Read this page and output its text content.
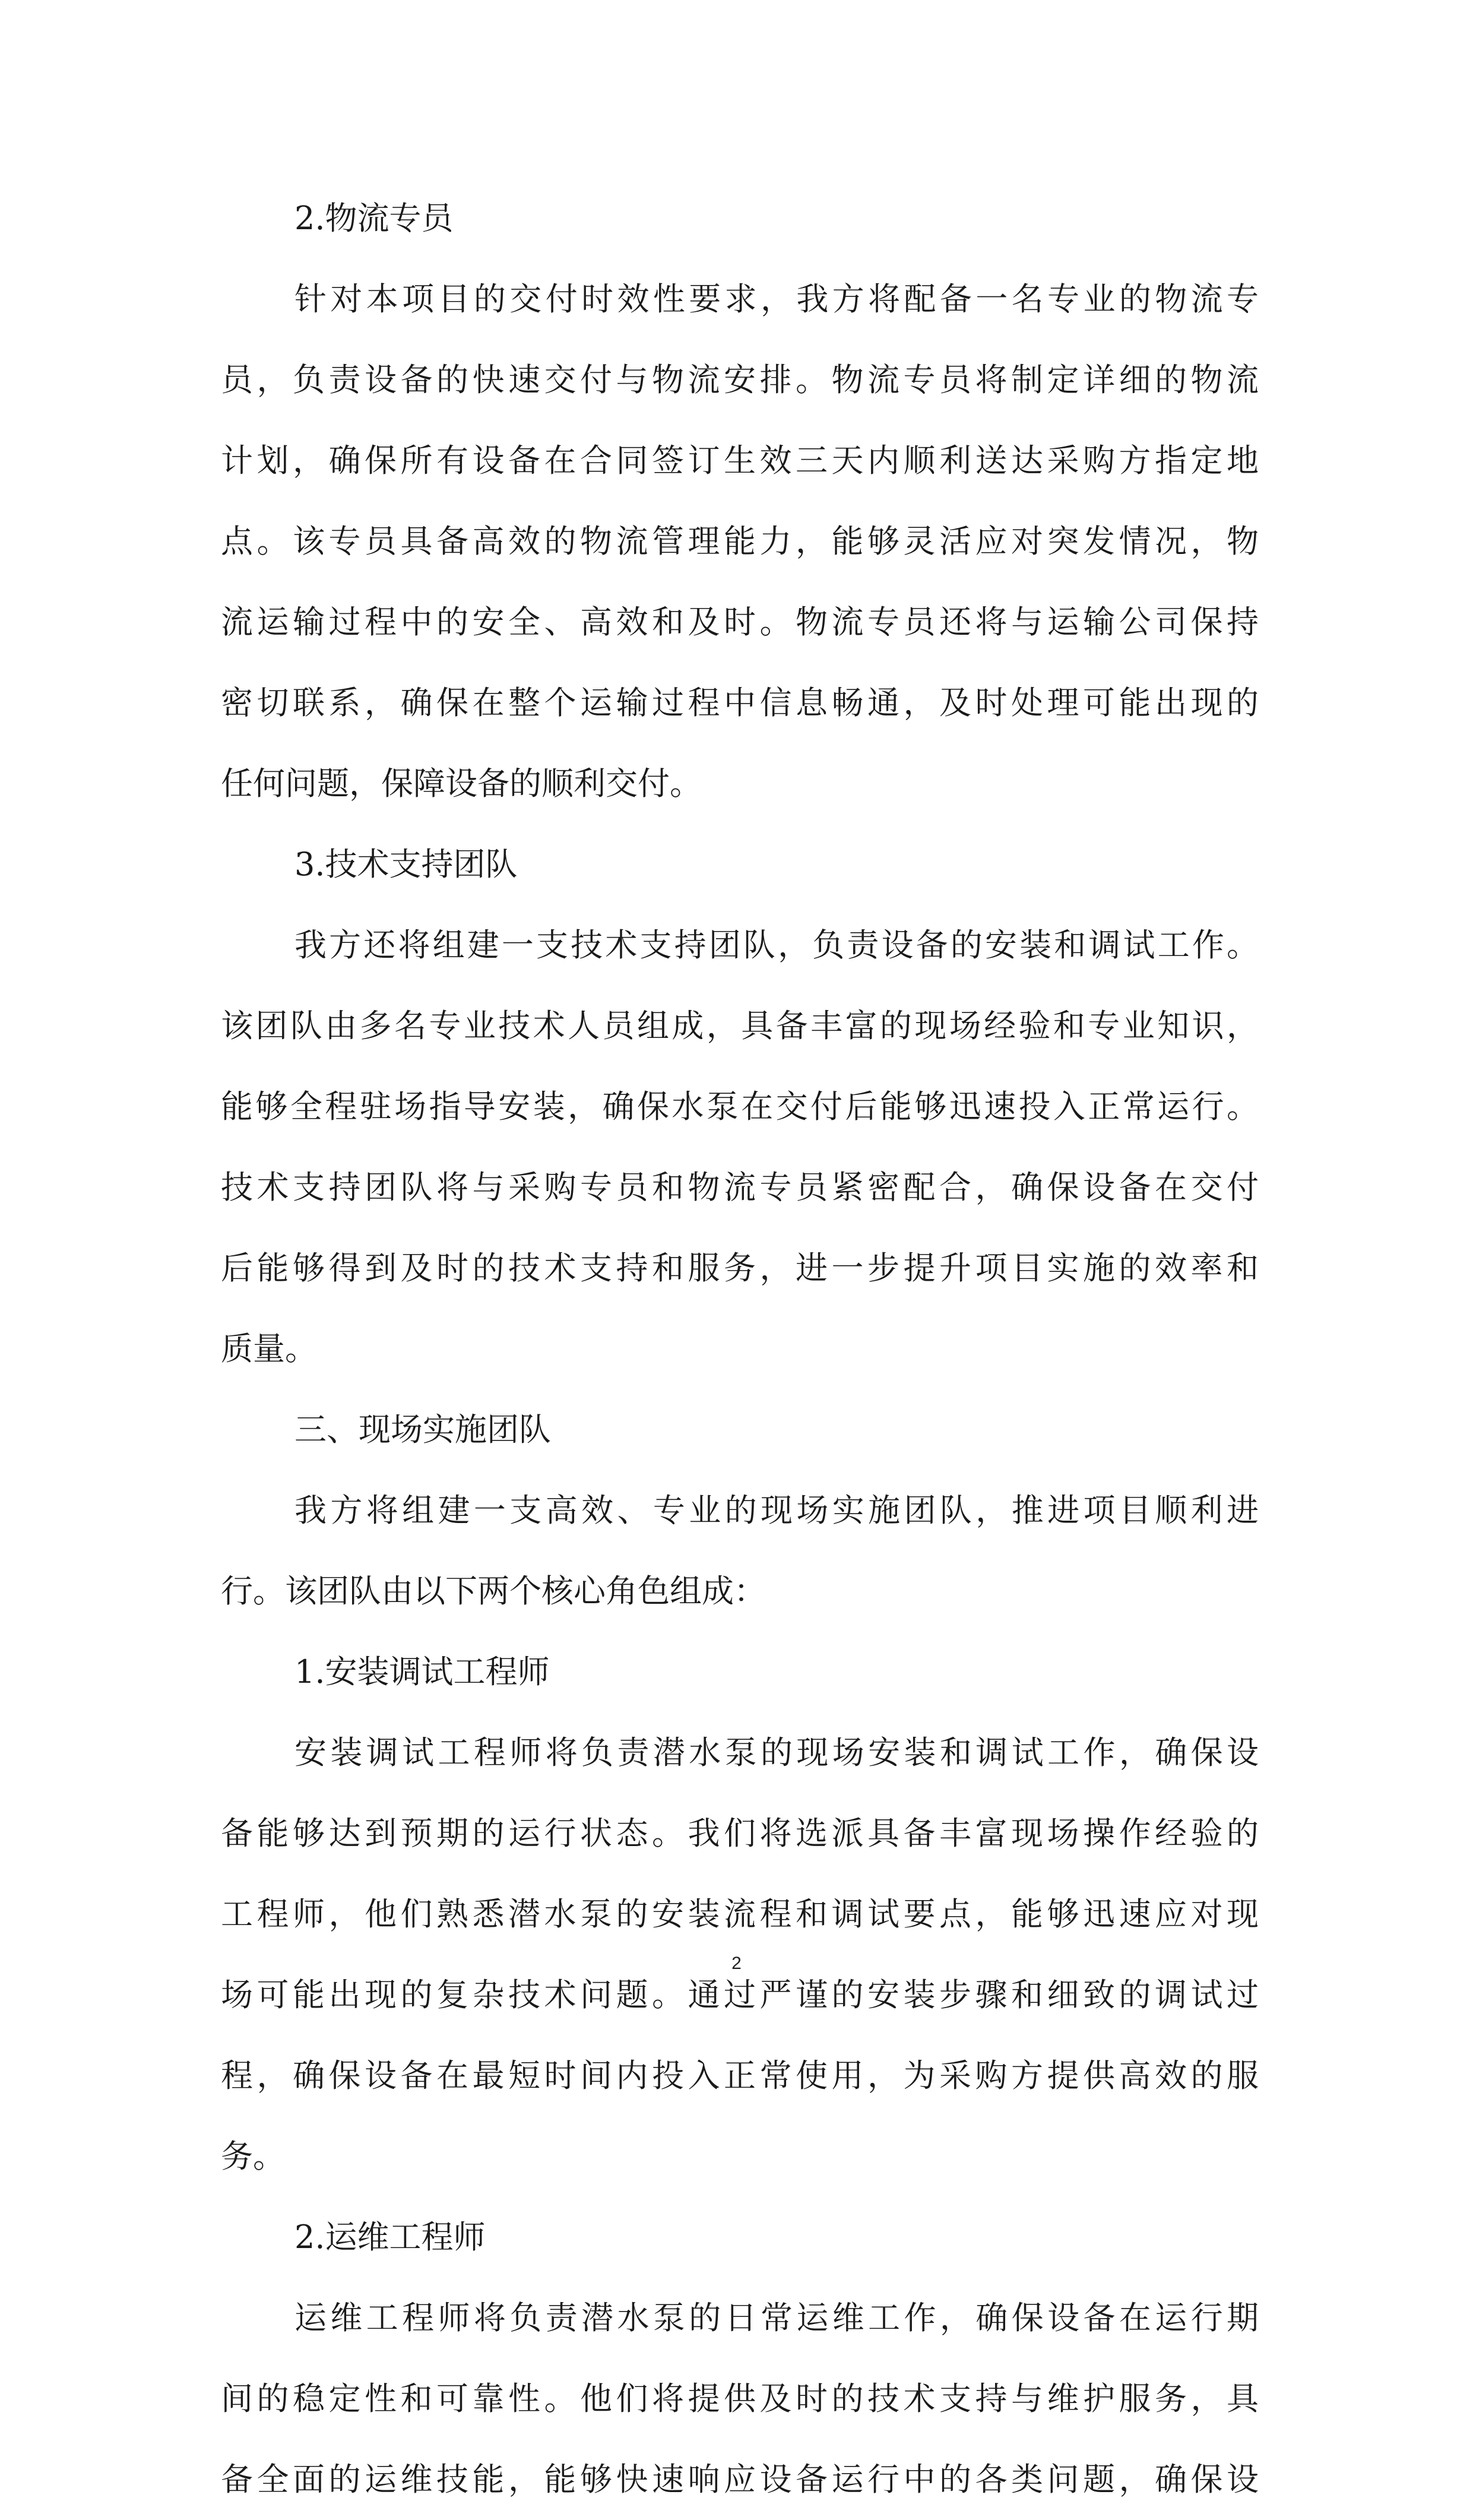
2.物流专员
针对本项目的交付时效性要求，我方将配备一名专业的物流专
员，负责设备的快速交付与物流安排。物流专员将制定详细的物流
计划，确保所有设备在合同签订生效三天内顺利送达采购方指定地
点。该专员具备高效的物流管理能力，能够灵活应对突发情况，物
流运输过程中的安全、高效和及时。物流专员还将与运输公司保持
密切联系，确保在整个运输过程中信息畅通，及时处理可能出现的
任何问题，保障设备的顺利交付。
3.技术支持团队
我方还将组建一支技术支持团队，负责设备的安装和调试工作。
该团队由多名专业技术人员组成，具备丰富的现场经验和专业知识，
能够全程驻场指导安装，确保水泵在交付后能够迅速投入正常运行。
技术支持团队将与采购专员和物流专员紧密配合，确保设备在交付
后能够得到及时的技术支持和服务，进一步提升项目实施的效率和
质量。
三、现场实施团队
我方将组建一支高效、专业的现场实施团队，推进项目顺利进
行。该团队由以下两个核心角色组成：
1.安装调试工程师
安装调试工程师将负责潜水泵的现场安装和调试工作，确保设
备能够达到预期的运行状态。我们将选派具备丰富现场操作经验的
工程师，他们熟悉潜水泵的安装流程和调试要点，能够迅速应对现
场可能出现的复杂技术问题。通过严谨的安装步骤和细致的调试过
程，确保设备在最短时间内投入正常使用，为采购方提供高效的服
务。
2.运维工程师
运维工程师将负责潜水泵的日常运维工作，确保设备在运行期
间的稳定性和可靠性。他们将提供及时的技术支持与维护服务，具
备全面的运维技能，能够快速响应设备运行中的各类问题，确保设
2
